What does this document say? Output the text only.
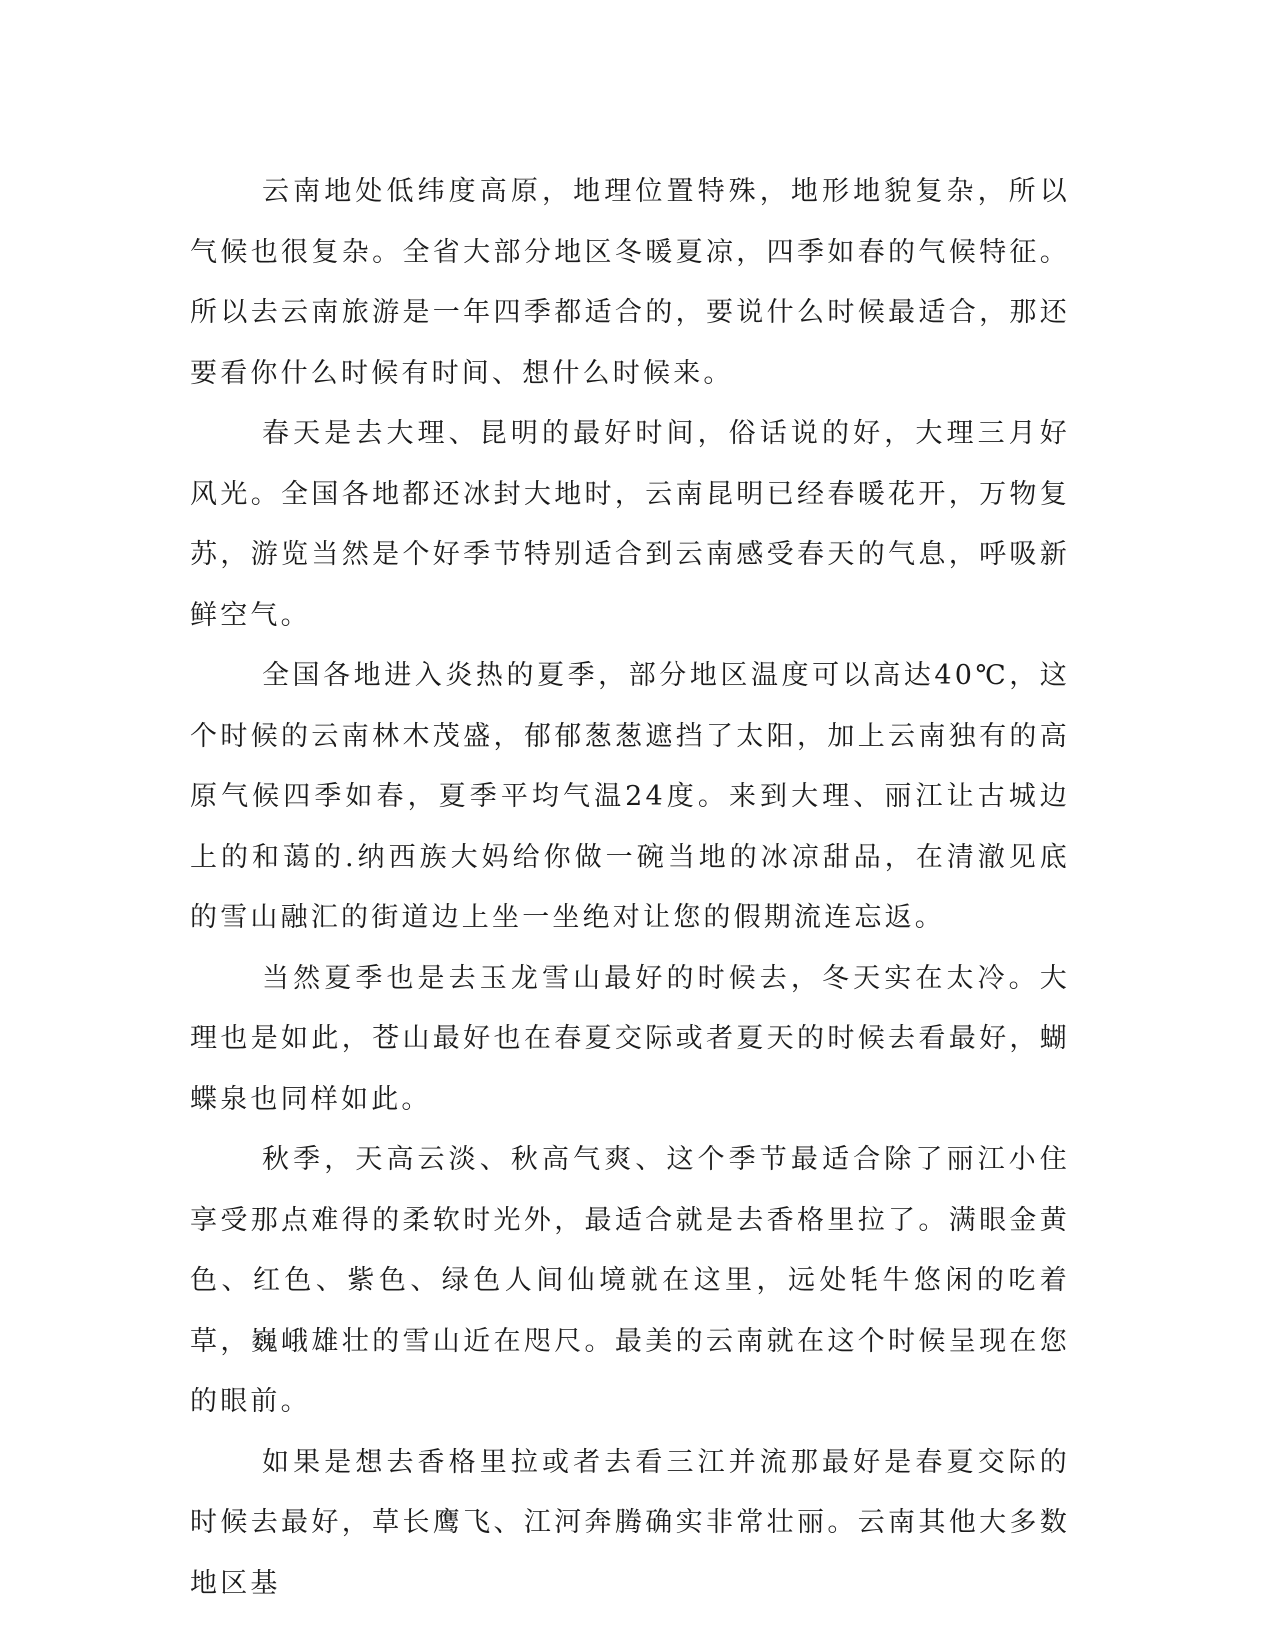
云南地处低纬度高原，地理位置特殊，地形地貌复杂，所以气候也很复杂。全省大部分地区冬暖夏凉，四季如春的气候特征。所以去云南旅游是一年四季都适合的，要说什么时候最适合，那还要看你什么时候有时间、想什么时候来。

春天是去大理、昆明的最好时间，俗话说的好，大理三月好风光。全国各地都还冰封大地时，云南昆明已经春暖花开，万物复苏，游览当然是个好季节特别适合到云南感受春天的气息，呼吸新鲜空气。

全国各地进入炎热的夏季，部分地区温度可以高达40℃，这个时候的云南林木茂盛，郁郁葱葱遮挡了太阳，加上云南独有的高原气候四季如春，夏季平均气温24度。来到大理、丽江让古城边上的和蔼的.纳西族大妈给你做一碗当地的冰凉甜品，在清澈见底的雪山融汇的街道边上坐一坐绝对让您的假期流连忘返。

当然夏季也是去玉龙雪山最好的时候去，冬天实在太冷。大理也是如此，苍山最好也在春夏交际或者夏天的时候去看最好，蝴蝶泉也同样如此。

秋季，天高云淡、秋高气爽、这个季节最适合除了丽江小住享受那点难得的柔软时光外，最适合就是去香格里拉了。满眼金黄色、红色、紫色、绿色人间仙境就在这里，远处牦牛悠闲的吃着草，巍峨雄壮的雪山近在咫尺。最美的云南就在这个时候呈现在您的眼前。

如果是想去香格里拉或者去看三江并流那最好是春夏交际的时候去最好，草长鹰飞、江河奔腾确实非常壮丽。云南其他大多数地区基
